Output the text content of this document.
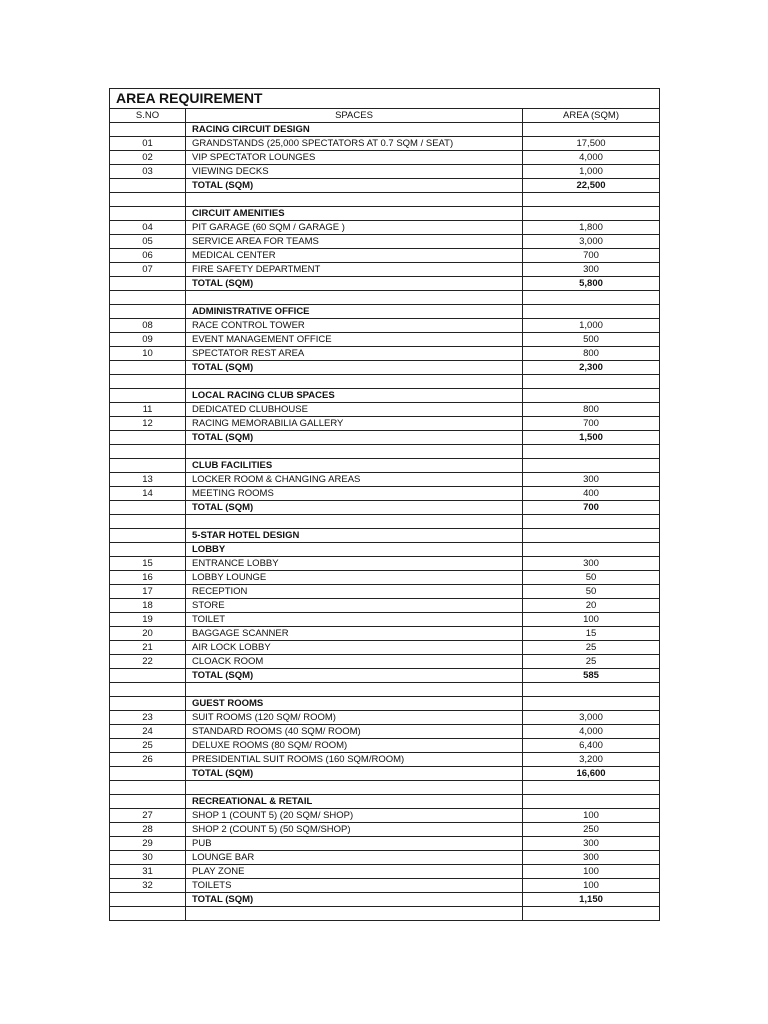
AREA REQUIREMENT		
S.NO	SPACES	AREA (SQM)
	RACING CIRCUIT DESIGN	
01	GRANDSTANDS (25,000 SPECTATORS AT 0.7 SQM / SEAT)	17,500
02	VIP SPECTATOR LOUNGES	4,000
03	VIEWING DECKS	1,000
	TOTAL (SQM)	22,500

	CIRCUIT AMENITIES	
04	PIT GARAGE (60 SQM / GARAGE )	1,800
05	SERVICE AREA FOR TEAMS	3,000
06	MEDICAL CENTER	700
07	FIRE SAFETY DEPARTMENT	300
	TOTAL (SQM)	5,800

	ADMINISTRATIVE OFFICE	
08	RACE CONTROL TOWER	1,000
09	EVENT MANAGEMENT OFFICE	500
10	SPECTATOR REST AREA	800
	TOTAL (SQM)	2,300

	LOCAL RACING CLUB SPACES	
11	DEDICATED CLUBHOUSE	800
12	RACING MEMORABILIA GALLERY	700
	TOTAL (SQM)	1,500

	CLUB FACILITIES	
13	LOCKER ROOM & CHANGING AREAS	300
14	MEETING ROOMS	400
	TOTAL (SQM)	700

	5-STAR HOTEL DESIGN	
	LOBBY	
15	ENTRANCE LOBBY	300
16	LOBBY LOUNGE	50
17	RECEPTION	50
18	STORE	20
19	TOILET	100
20	BAGGAGE SCANNER	15
21	AIR LOCK LOBBY	25
22	CLOACK ROOM	25
	TOTAL (SQM)	585

	GUEST ROOMS	
23	SUIT ROOMS (120 SQM/ ROOM)	3,000
24	STANDARD ROOMS (40 SQM/ ROOM)	4,000
25	DELUXE ROOMS (80 SQM/ ROOM)	6,400
26	PRESIDENTIAL SUIT ROOMS (160 SQM/ROOM)	3,200
	TOTAL (SQM)	16,600

	RECREATIONAL & RETAIL	
27	SHOP 1 (COUNT 5) (20 SQM/ SHOP)	100
28	SHOP 2 (COUNT 5) (50 SQM/SHOP)	250
29	PUB	300
30	LOUNGE BAR	300
31	PLAY ZONE	100
32	TOILETS	100
	TOTAL (SQM)	1,150
